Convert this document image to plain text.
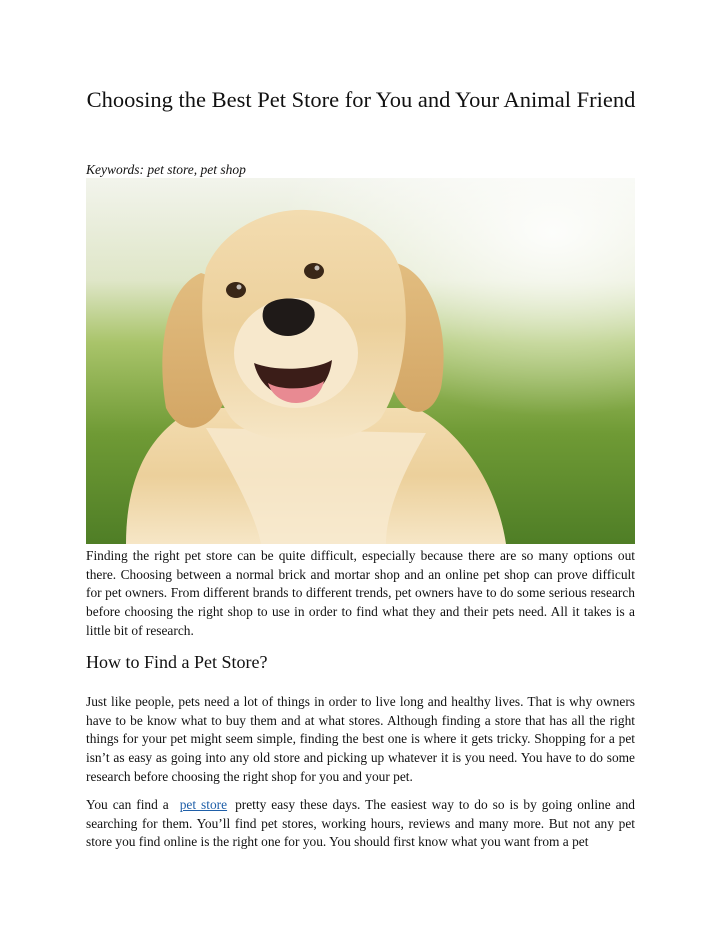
Choosing the Best Pet Store for You and Your Animal Friend

Keywords: pet store, pet shop

Finding the right pet store can be quite difficult, especially because there are so many options out there. Choosing between a normal brick and mortar shop and an online pet shop can prove difficult for pet owners. From different brands to different trends, pet owners have to do some serious research before choosing the right shop to use in order to find what they and their pets need. All it takes is a little bit of research.

How to Find a Pet Store?

Just like people, pets need a lot of things in order to live long and healthy lives. That is why owners have to be know what to buy them and at what stores. Although finding a store that has all the right things for your pet might seem simple, finding the best one is where it gets tricky. Shopping for a pet isn’t as easy as going into any old store and picking up whatever it is you need. You have to do some research before choosing the right shop for you and your pet.

You can find a pet store pretty easy these days. The easiest way to do so is by going online and searching for them. You’ll find pet stores, working hours, reviews and many more. But not any pet store you find online is the right one for you. You should first know what you want from a pet
